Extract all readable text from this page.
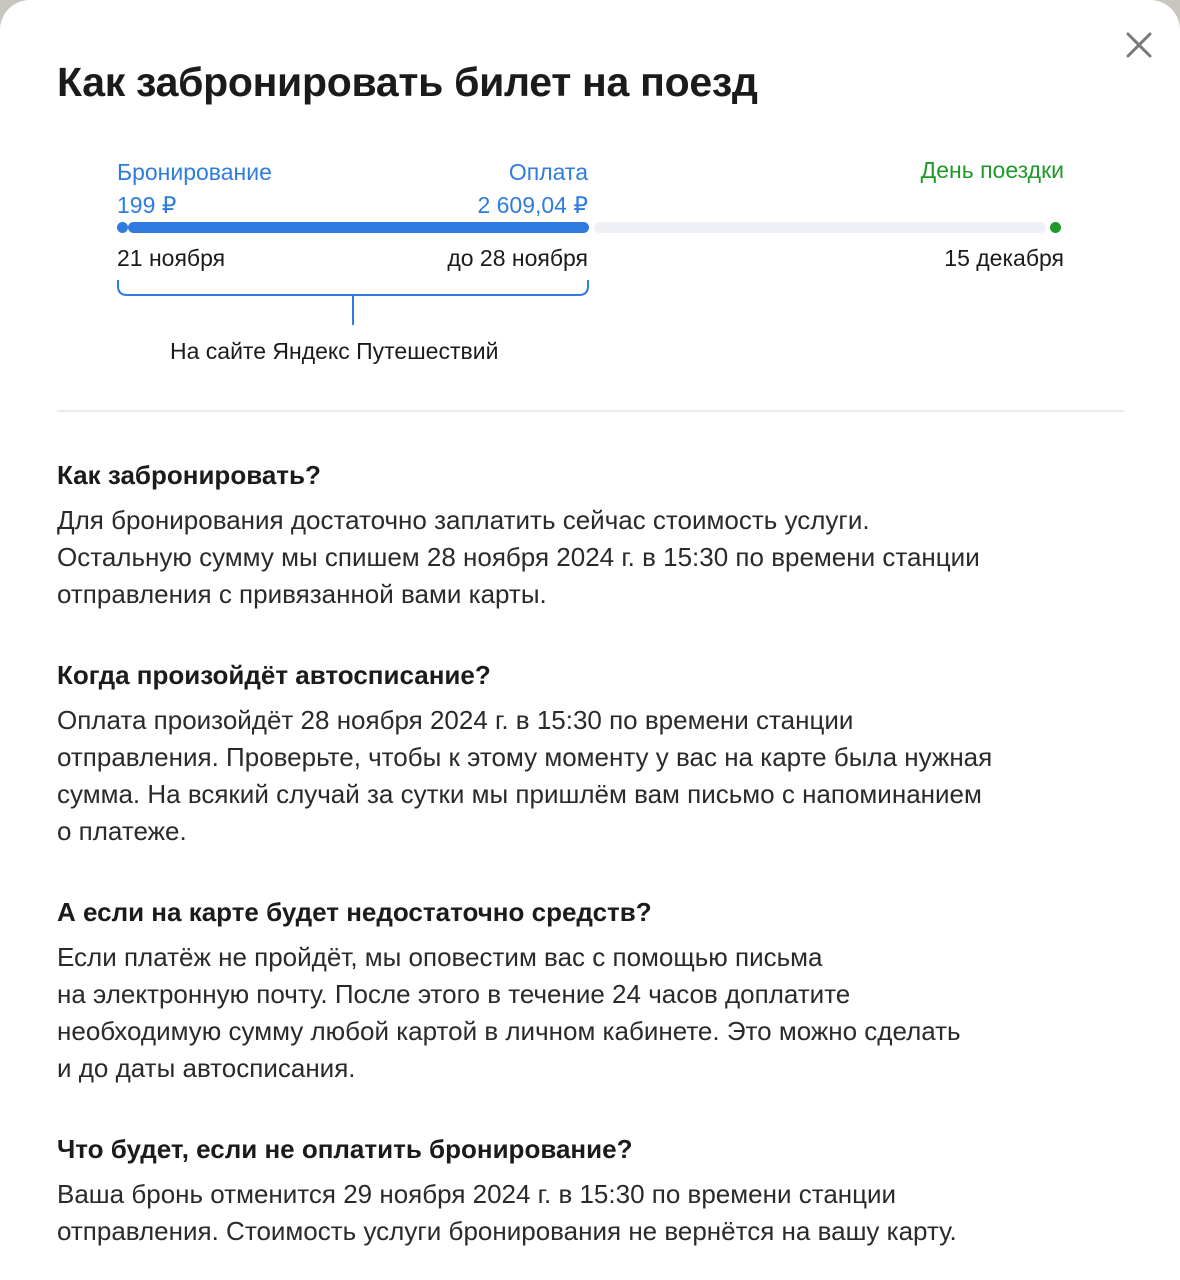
Как забронировать билет на поезд
Бронирование
199 ₽
Оплата
2 609,04 ₽
День поездки
21 ноября	до 28 ноября	15 декабря
На сайте Яндекс Путешествий
Как забронировать?

Для бронирования достаточно заплатить сейчас стоимость услуги.
Остальную сумму мы спишем 28 ноября 2024 г. в 15:30 по времени станции
отправления с привязанной вами карты.

Когда произойдёт автосписание?

Оплата произойдёт 28 ноября 2024 г. в 15:30 по времени станции
отправления. Проверьте, чтобы к этому моменту у вас на карте была нужная
сумма. На всякий случай за сутки мы пришлём вам письмо с напоминанием
о платеже.

А если на карте будет недостаточно средств?

Если платёж не пройдёт, мы оповестим вас с помощью письма
на электронную почту. После этого в течение 24 часов доплатите
необходимую сумму любой картой в личном кабинете. Это можно сделать
и до даты автосписания.

Что будет, если не оплатить бронирование?

Ваша бронь отменится 29 ноября 2024 г. в 15:30 по времени станции
отправления. Стоимость услуги бронирования не вернётся на вашу карту.
